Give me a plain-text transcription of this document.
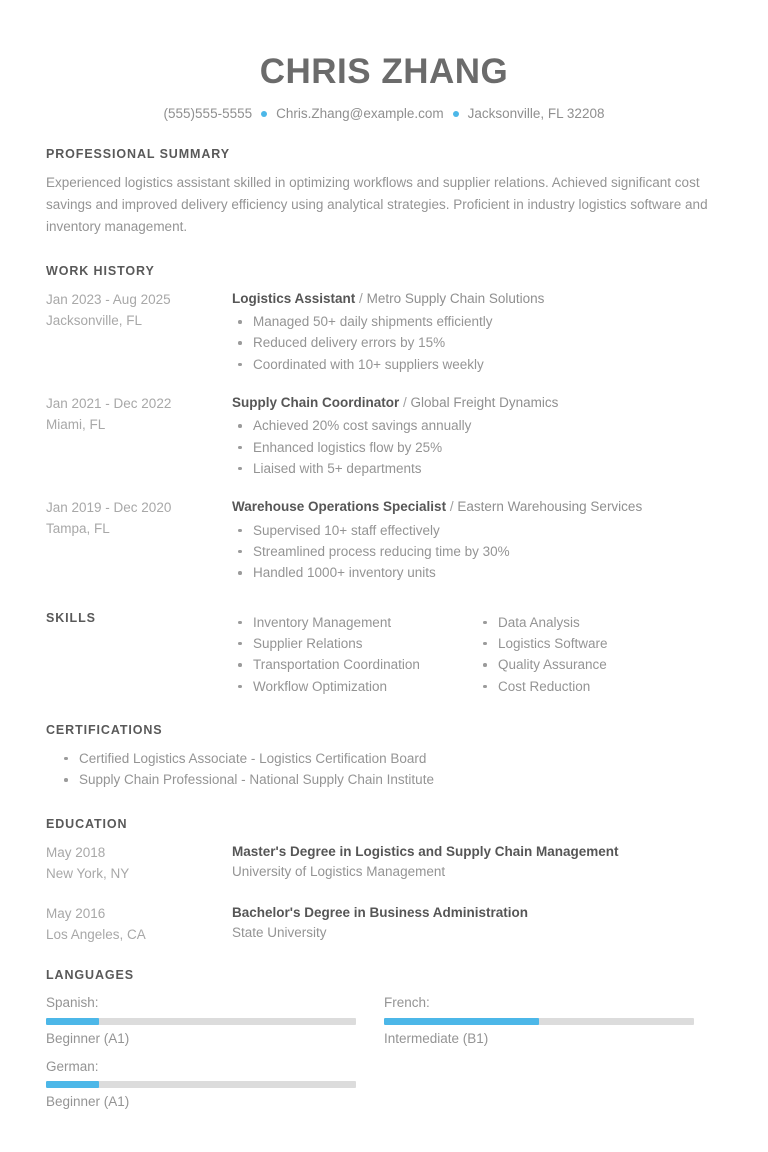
CHRIS ZHANG
(555)555-5555 Chris.Zhang@example.com Jacksonville, FL 32208
PROFESSIONAL SUMMARY
Experienced logistics assistant skilled in optimizing workflows and supplier relations. Achieved significant cost savings and improved delivery efficiency using analytical strategies. Proficient in industry logistics software and inventory management.
WORK HISTORY
Jan 2023 - Aug 2025
Jacksonville, FL
Logistics Assistant / Metro Supply Chain Solutions
Managed 50+ daily shipments efficiently
Reduced delivery errors by 15%
Coordinated with 10+ suppliers weekly
Jan 2021 - Dec 2022
Miami, FL
Supply Chain Coordinator / Global Freight Dynamics
Achieved 20% cost savings annually
Enhanced logistics flow by 25%
Liaised with 5+ departments
Jan 2019 - Dec 2020
Tampa, FL
Warehouse Operations Specialist / Eastern Warehousing Services
Supervised 10+ staff effectively
Streamlined process reducing time by 30%
Handled 1000+ inventory units
SKILLS	Inventory Management
Supplier Relations
Transportation Coordination
Workflow Optimization
Data Analysis
Logistics Software
Quality Assurance
Cost Reduction
CERTIFICATIONS
Certified Logistics Associate - Logistics Certification Board
Supply Chain Professional - National Supply Chain Institute
EDUCATION
May 2018
New York, NY
Master's Degree in Logistics and Supply Chain Management
University of Logistics Management
May 2016
Los Angeles, CA
Bachelor's Degree in Business Administration
State University
LANGUAGES
Spanish:
Beginner (A1)
French:
Intermediate (B1)
German:
Beginner (A1)
